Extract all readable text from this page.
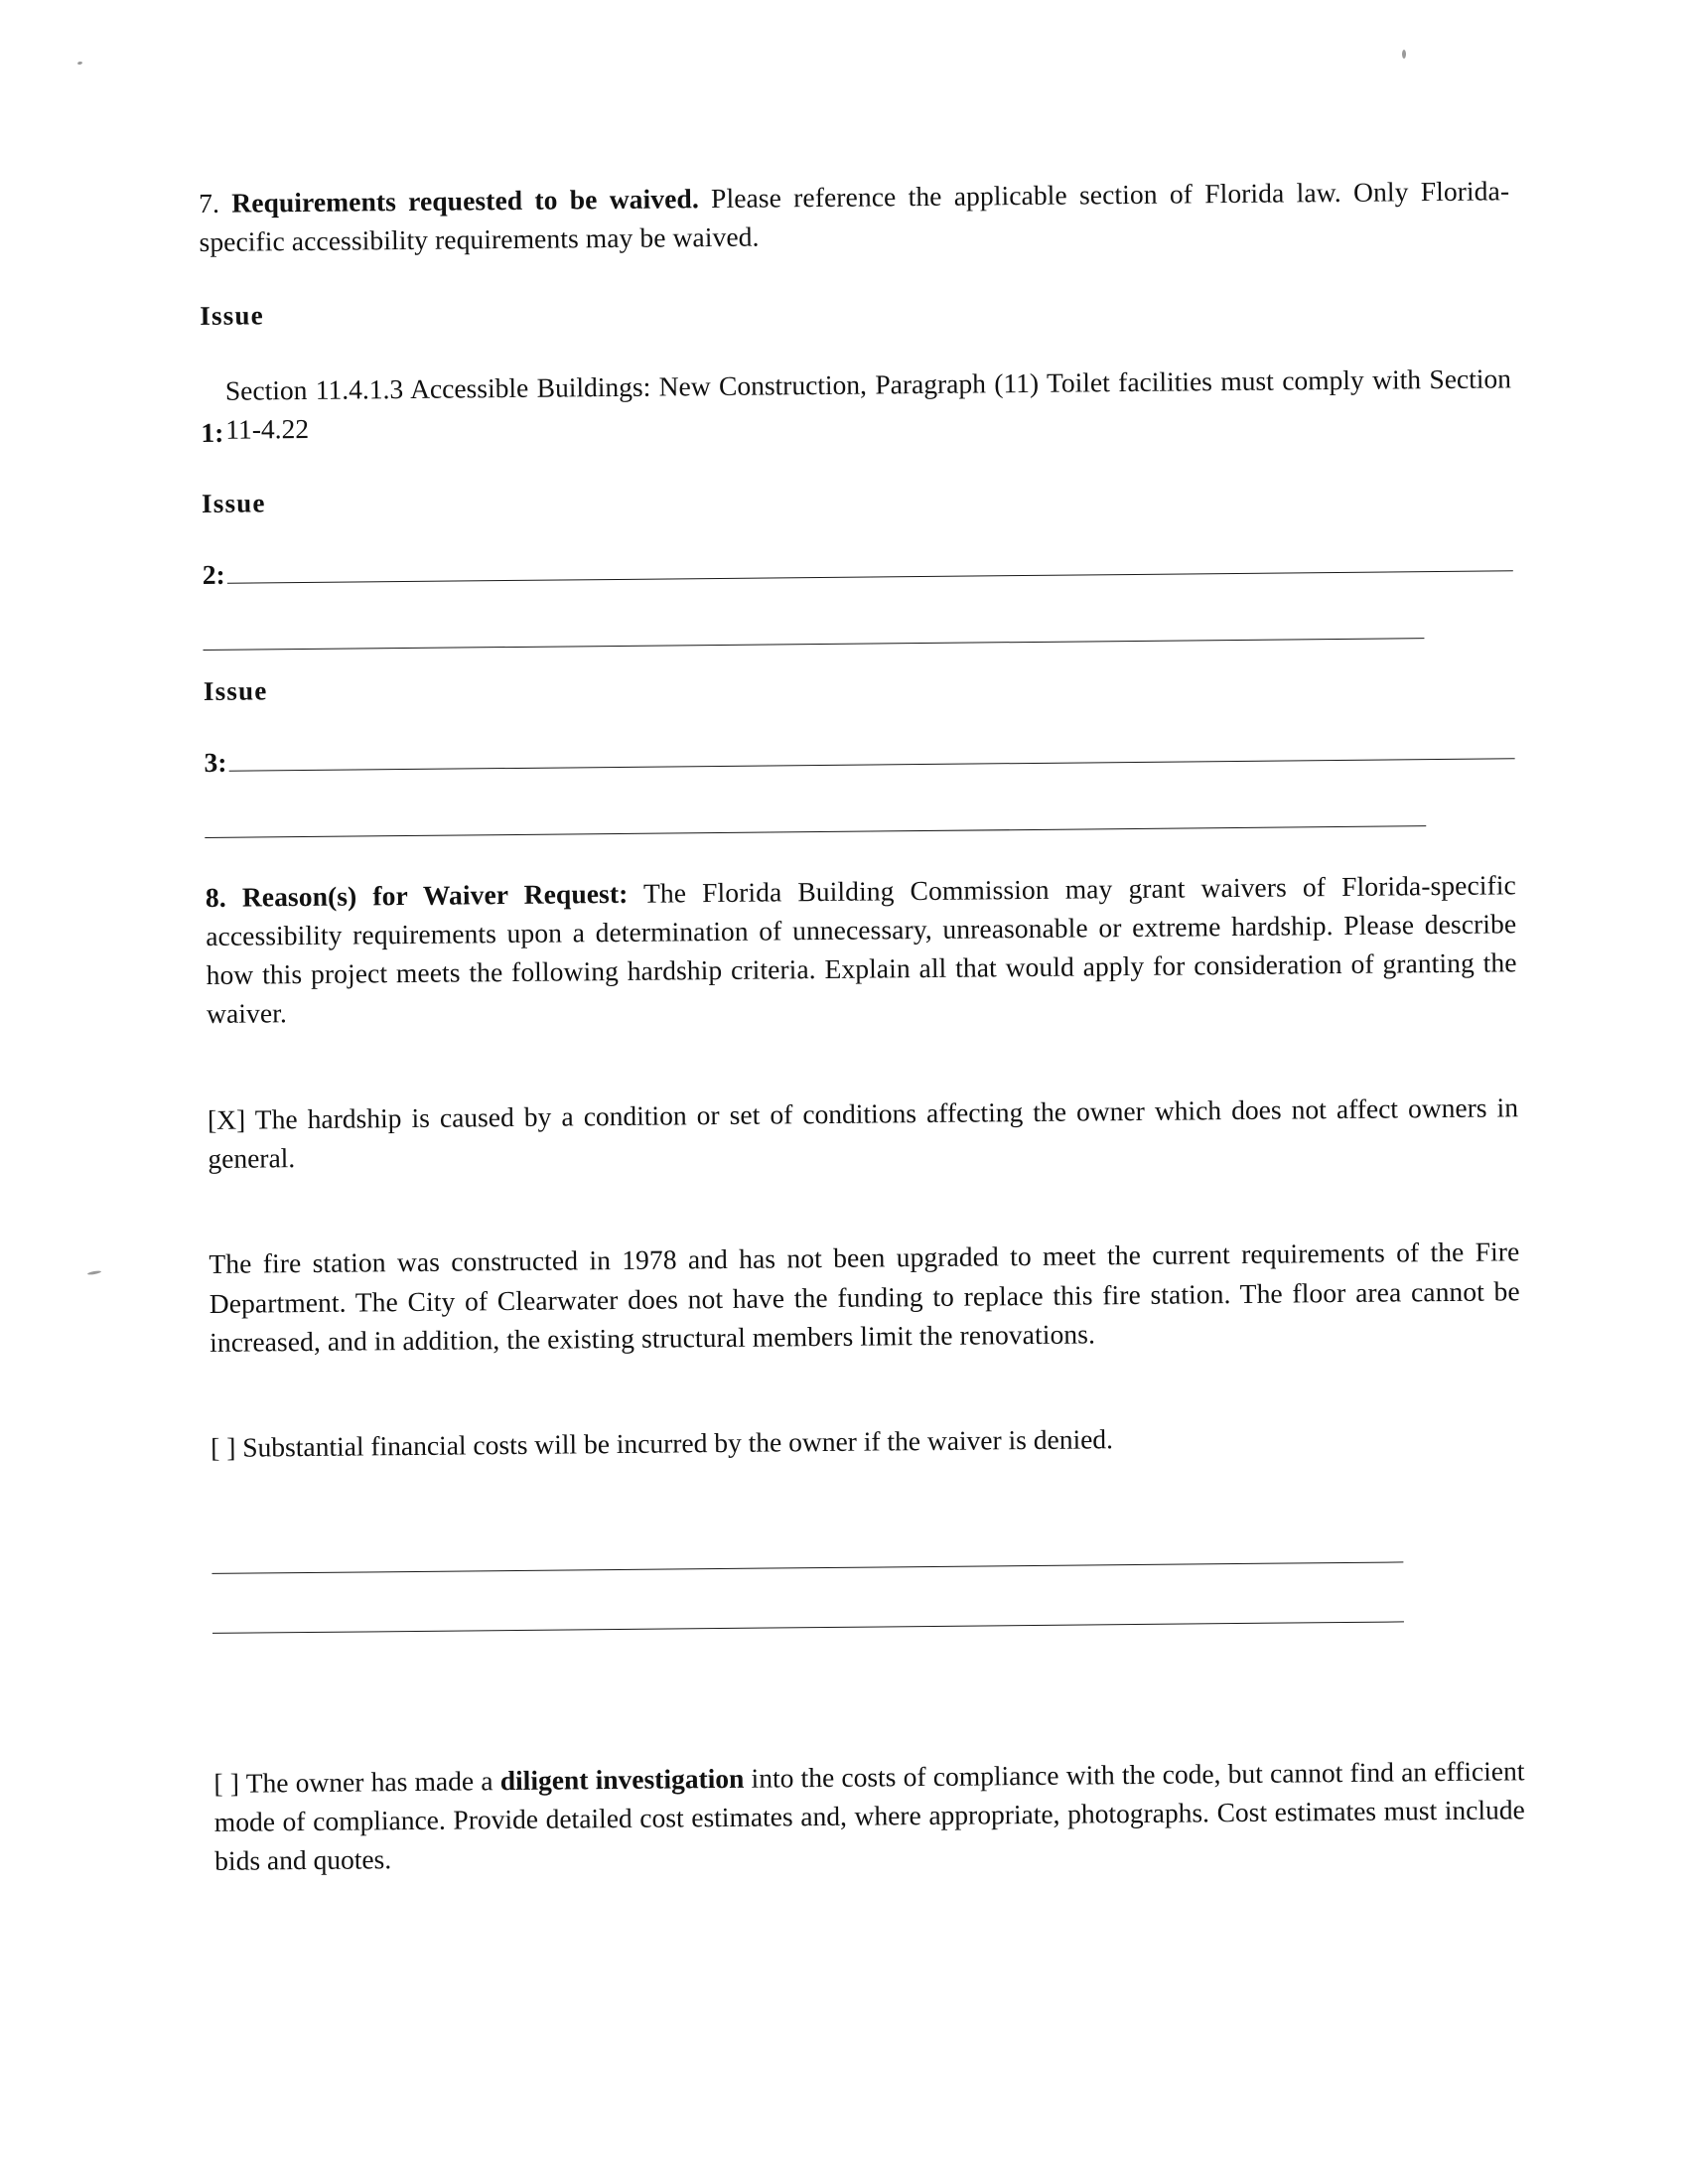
7. Requirements requested to be waived. Please reference the applicable section of Florida law. Only Florida-specific accessibility requirements may be waived.

Issue

1:
Section 11.4.1.3 Accessible Buildings: New Construction, Paragraph (11) Toilet facilities must comply with Section 11-4.22

Issue

2:

Issue

3:

8. Reason(s) for Waiver Request: The Florida Building Commission may grant waivers of Florida-specific accessibility requirements upon a determination of unnecessary, unreasonable or extreme hardship. Please describe how this project meets the following hardship criteria. Explain all that would apply for consideration of granting the waiver.

[X] The hardship is caused by a condition or set of conditions affecting the owner which does not affect owners in general.

The fire station was constructed in 1978 and has not been upgraded to meet the current requirements of the Fire Department. The City of Clearwater does not have the funding to replace this fire station. The floor area cannot be increased, and in addition, the existing structural members limit the renovations.

[ ] Substantial financial costs will be incurred by the owner if the waiver is denied.

[ ] The owner has made a diligent investigation into the costs of compliance with the code, but cannot find an efficient mode of compliance. Provide detailed cost estimates and, where appropriate, photographs. Cost estimates must include bids and quotes.
